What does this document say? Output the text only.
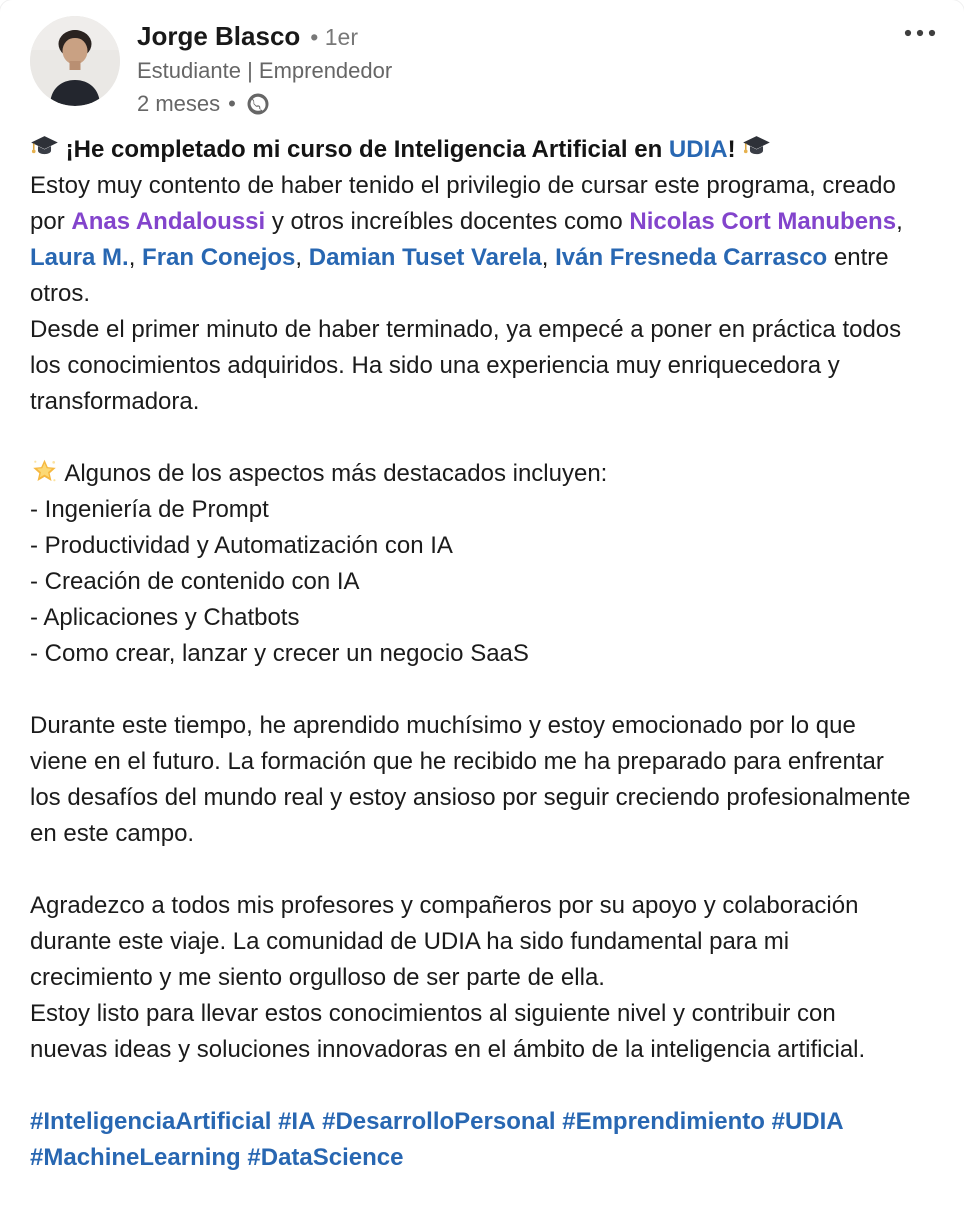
Jorge Blasco • 1er
Estudiante | Emprendedor
2 meses •

¡He completado mi curso de Inteligencia Artificial en UDIA!

Estoy muy contento de haber tenido el privilegio de cursar este programa, creado por Anas Andaloussi y otros increíbles docentes como Nicolas Cort Manubens, Laura M., Fran Conejos, Damian Tuset Varela, Iván Fresneda Carrasco entre otros.

Desde el primer minuto de haber terminado, ya empecé a poner en práctica todos los conocimientos adquiridos. Ha sido una experiencia muy enriquecedora y transformadora.

Algunos de los aspectos más destacados incluyen:

- Ingeniería de Prompt

- Productividad y Automatización con IA

- Creación de contenido con IA

- Aplicaciones y Chatbots

- Como crear, lanzar y crecer un negocio SaaS

Durante este tiempo, he aprendido muchísimo y estoy emocionado por lo que viene en el futuro. La formación que he recibido me ha preparado para enfrentar los desafíos del mundo real y estoy ansioso por seguir creciendo profesionalmente en este campo.

Agradezco a todos mis profesores y compañeros por su apoyo y colaboración durante este viaje. La comunidad de UDIA ha sido fundamental para mi crecimiento y me siento orgulloso de ser parte de ella.

Estoy listo para llevar estos conocimientos al siguiente nivel y contribuir con nuevas ideas y soluciones innovadoras en el ámbito de la inteligencia artificial.

#InteligenciaArtificial #IA #DesarrolloPersonal #Emprendimiento #UDIA #MachineLearning #DataScience
